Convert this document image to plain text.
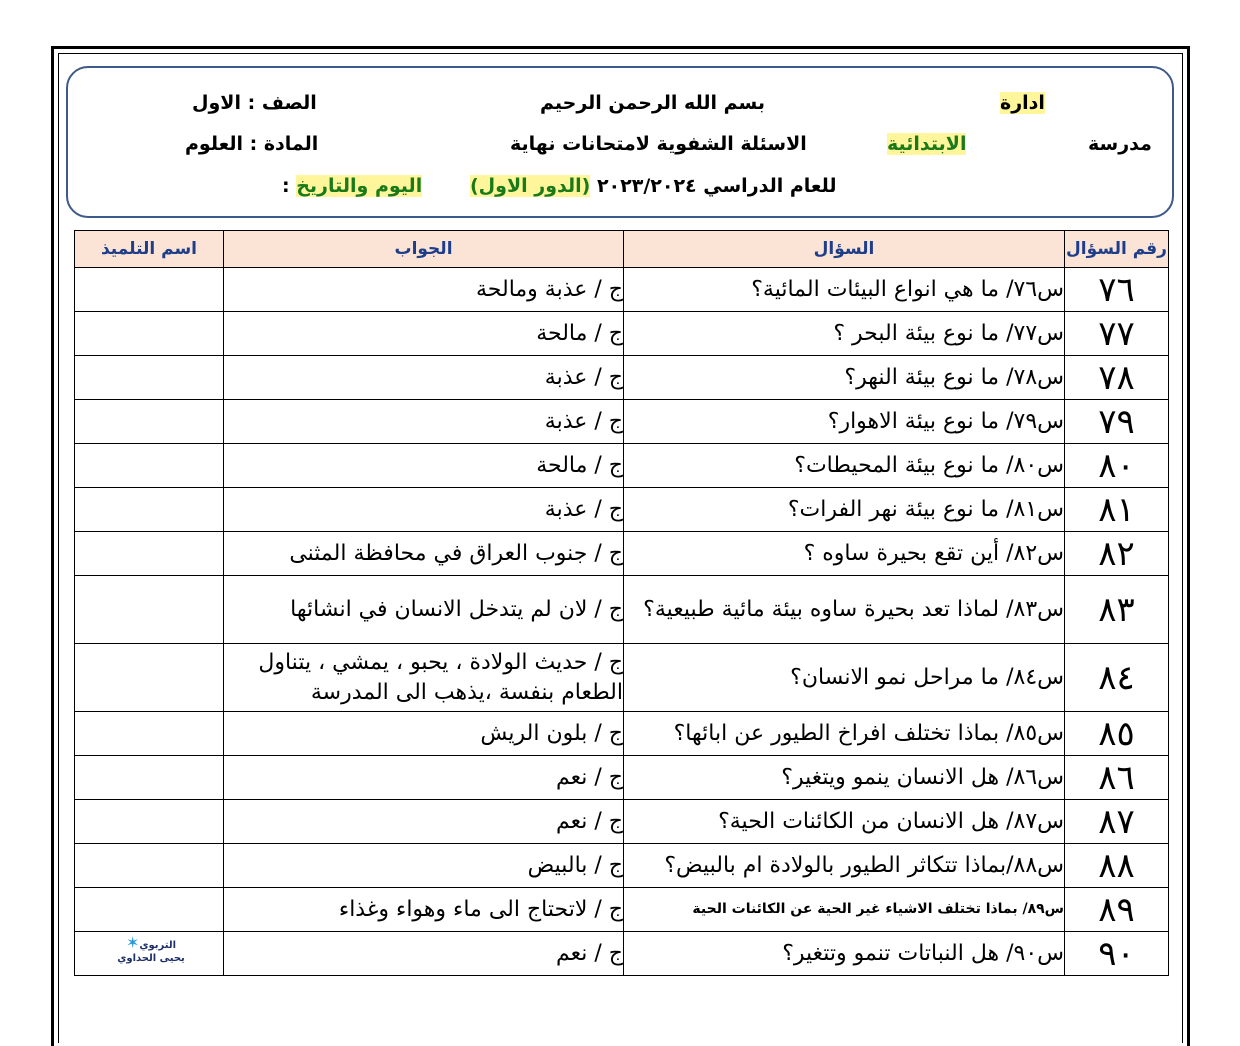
بسم الله الرحمن الرحيم	ادارة
الصف : الاول
مدرسة
الابتدائية
الاسئلة الشفوية لامتحانات نهاية
المادة : العلوم
للعام الدراسي ٢٠٢٣/٢٠٢٤ (الدور الاول)
اليوم والتاريخ :
رقم السؤال	السؤال	الجواب	اسم التلميذ
٧٦	س٧٦/ ما هي انواع البيئات المائية؟	ج / عذبة ومالحة	
٧٧	س٧٧/ ما نوع بيئة البحر ؟	ج / مالحة	
٧٨	س٧٨/ ما نوع بيئة النهر؟	ج / عذبة	
٧٩	س٧٩/ ما نوع بيئة الاهوار؟	ج / عذبة	
٨٠	س٨٠/ ما نوع بيئة المحيطات؟	ج / مالحة	
٨١	س٨١/ ما نوع بيئة نهر الفرات؟	ج / عذبة	
٨٢	س٨٢/ أين تقع بحيرة ساوه ؟	ج / جنوب العراق في محافظة المثنى	
٨٣	س٨٣/ لماذا تعد بحيرة ساوه بيئة مائية طبيعية؟	ج / لان لم يتدخل الانسان في انشائها	
٨٤	س٨٤/ ما مراحل نمو الانسان؟	ج / حديث الولادة ، يحبو ، يمشي ، يتناول الطعام بنفسة ،يذهب الى المدرسة	
٨٥	س٨٥/ بماذا تختلف افراخ الطيور عن ابائها؟	ج / بلون الريش	
٨٦	س٨٦/ هل الانسان ينمو ويتغير؟	ج / نعم	
٨٧	س٨٧/ هل الانسان من الكائنات الحية؟	ج / نعم	
٨٨	س٨٨/بماذا تتكاثر الطيور بالولادة ام بالبيض؟	ج / بالبيض	
٨٩	س٨٩/ بماذا تختلف الاشياء غير الحية عن الكائنات الحية	ج / لاتحتاج الى ماء وهواء وغذاء	
٩٠	س٩٠/ هل النباتات تنمو وتتغير؟	ج / نعم	التربوي✶
يحيى الحداوي
